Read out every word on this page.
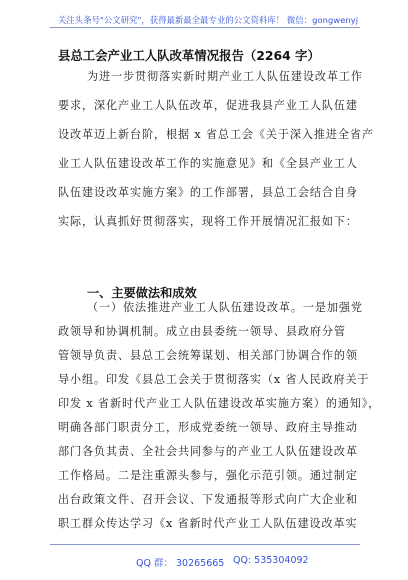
关注头条号"公文研究"，获得最新最全最专业的公文资料库！ 微信：gongwenyj
县总工会产业工人队改革情况报告（2264 字）
为进一步贯彻落实新时期产业工人队伍建设改革工作
要求，深化产业工人队伍改革，促进我县产业工人队伍建
设改革迈上新台阶，根据 x 省总工会《关于深入推进全省产
业工人队伍建设改革工作的实施意见》和《全县产业工人
队伍建设改革实施方案》的工作部署，县总工会结合自身
实际，认真抓好贯彻落实，现将工作开展情况汇报如下：
一、主要做法和成效
（一）依法推进产业工人队伍建设改革。一是加强党
政领导和协调机制。成立由县委统一领导、县政府分管
管领导负责、县总工会统筹谋划、相关部门协调合作的领
导小组。印发《县总工会关于贯彻落实（x 省人民政府关于
印发 x 省新时代产业工人队伍建设改革实施方案）的通知》，
明确各部门职责分工，形成党委统一领导、政府主导推动
部门各负其责、全社会共同参与的产业工人队伍建设改革
工作格局。二是注重源头参与，强化示范引领。通过制定
出台政策文件、召开会议、下发通报等形式向广大企业和
职工群众传达学习《x 省新时代产业工人队伍建设改革实
QQ 群： 30265665 QQ: 535304092
